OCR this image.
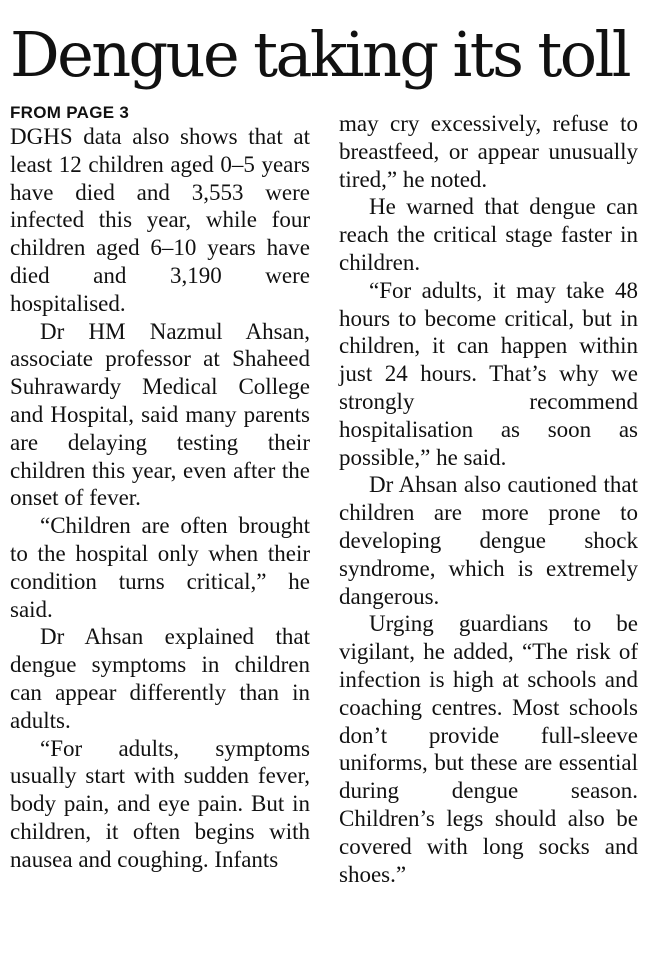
Dengue taking its toll
FROM PAGE 3

DGHS data also shows that at least 12 children aged 0–5 years have died and 3,553 were infected this year, while four children aged 6–10 years have died and 3,190 were hospitalised.

Dr HM Nazmul Ahsan, associate professor at Shaheed Suhrawardy Medical College and Hospital, said many parents are delaying testing their children this year, even after the onset of fever.

“Children are often brought to the hospital only when their condition turns critical,” he said.

Dr Ahsan explained that dengue symptoms in children can appear differently than in adults.

“For adults, symptoms usually start with sudden fever, body pain, and eye pain. But in children, it often begins with nausea and coughing. Infants

may cry excessively, refuse to breastfeed, or appear unusually tired,” he noted.

He warned that dengue can reach the critical stage faster in children.

“For adults, it may take 48 hours to become critical, but in children, it can happen within just 24 hours. That’s why we strongly recommend hospitalisation as soon as possible,” he said.

Dr Ahsan also cautioned that children are more prone to developing dengue shock syndrome, which is extremely dangerous.

Urging guardians to be vigilant, he added, “The risk of infection is high at schools and coaching centres. Most schools don’t provide full-sleeve uniforms, but these are essential during dengue season. Children’s legs should also be covered with long socks and shoes.”
